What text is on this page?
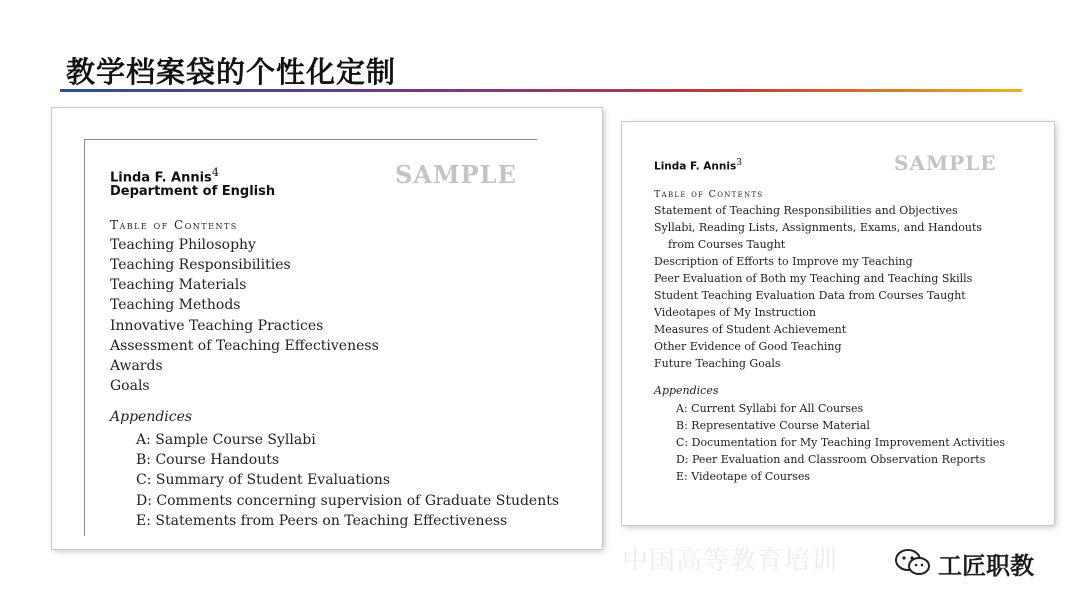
教学档案袋的个性化定制
SAMPLE
Linda F. Annis$^4$
Department of English
Table of Contents
Teaching Philosophy
Teaching Responsibilities
Teaching Materials
Teaching Methods
Innovative Teaching Practices
Assessment of Teaching Effectiveness
Awards
Goals
Appendices
A: Sample Course Syllabi
B: Course Handouts
C: Summary of Student Evaluations
D: Comments concerning supervision of Graduate Students
E: Statements from Peers on Teaching Effectiveness
SAMPLE
Linda F. Annis$^3$
Table of Contents
Statement of Teaching Responsibilities and Objectives
Syllabi, Reading Lists, Assignments, Exams, and Handouts
from Courses Taught
Description of Efforts to Improve my Teaching
Peer Evaluation of Both my Teaching and Teaching Skills
Student Teaching Evaluation Data from Courses Taught
Videotapes of My Instruction
Measures of Student Achievement
Other Evidence of Good Teaching
Future Teaching Goals
Appendices
A: Current Syllabi for All Courses
B: Representative Course Material
C: Documentation for My Teaching Improvement Activities
D: Peer Evaluation and Classroom Observation Reports
E: Videotape of Courses
中国高等教育培训	工匠职教
